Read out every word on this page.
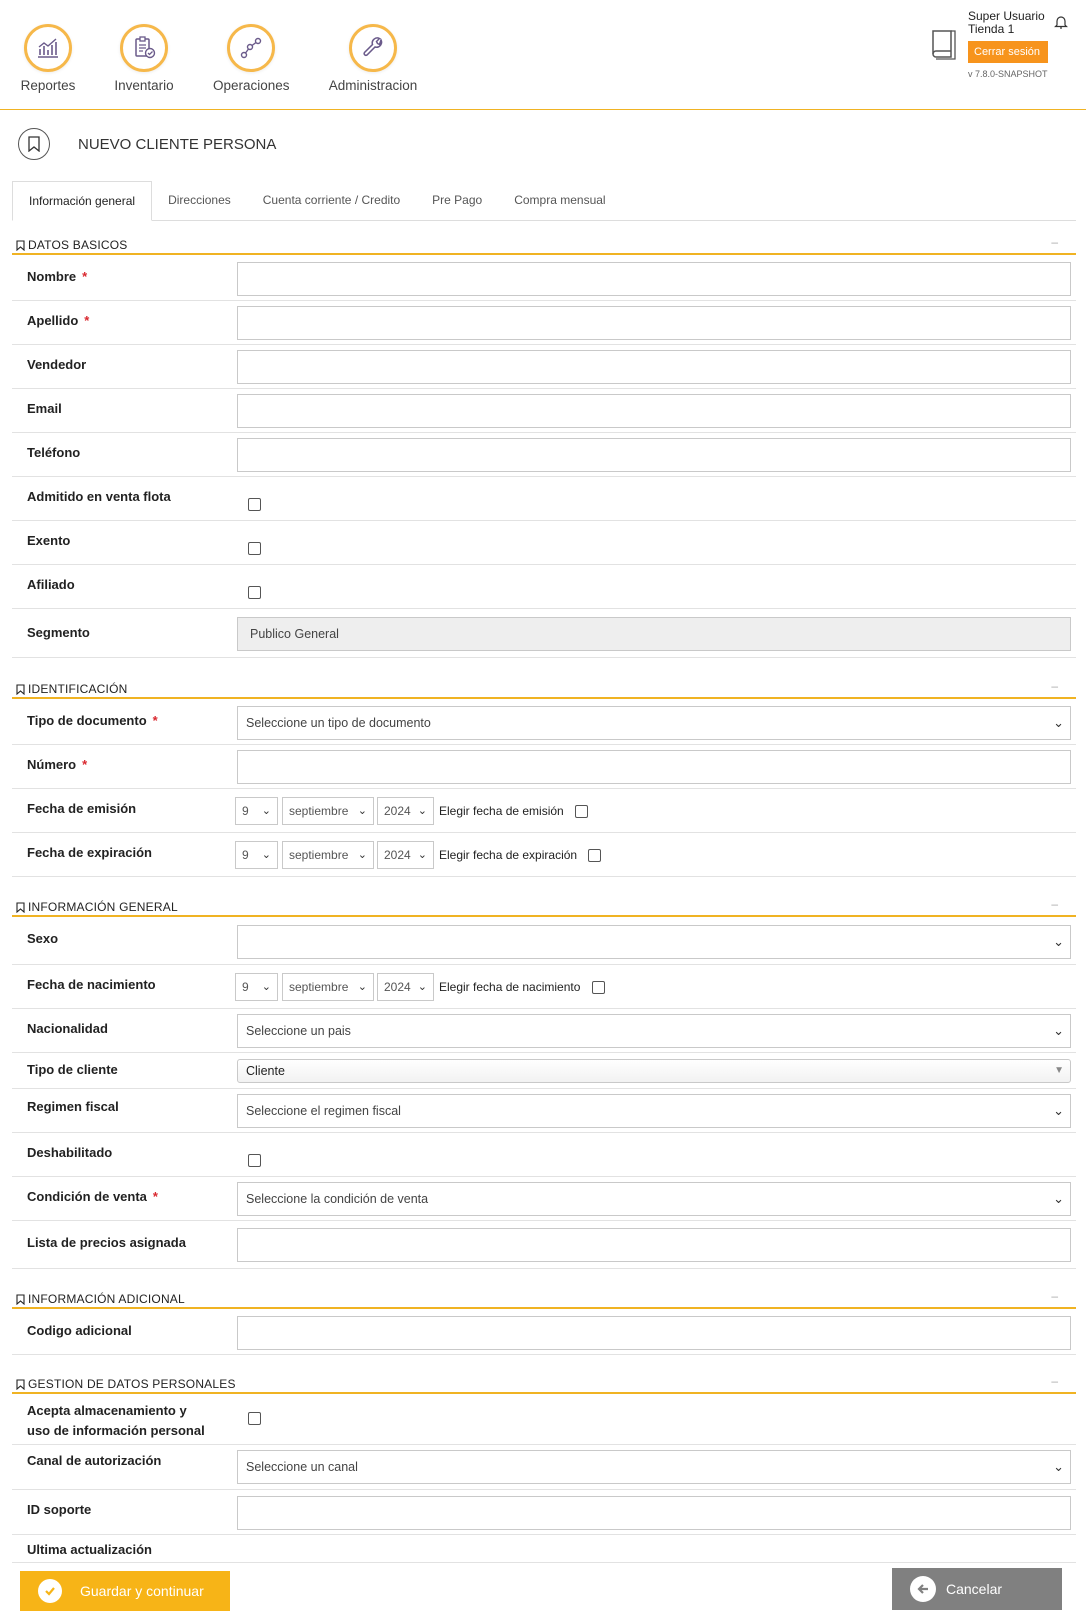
Reportes	Inventario	Operaciones	Administracion
Super Usuario
Tienda 1
Cerrar sesión
v 7.8.0-SNAPSHOT
NUEVO CLIENTE PERSONA
Información general	Direcciones	Cuenta corriente / Credito	Pre Pago	Compra mensual
DATOS BASICOS	–
Nombre *
Apellido *
Vendedor
Email
Teléfono
Admitido en venta flota
Exento
Afiliado
Segmento	Publico General
IDENTIFICACIÓN	–
Tipo de documento *	Seleccione un tipo de documento	⌄
Número *
Fecha de emisión	9 ⌄	septiembre ⌄	2024 ⌄ Elegir fecha de emisión
Fecha de expiración	9 ⌄	septiembre ⌄	2024 ⌄ Elegir fecha de expiración
INFORMACIÓN GENERAL	–
Sexo	⌄
Fecha de nacimiento	9 ⌄	septiembre ⌄	2024 ⌄ Elegir fecha de nacimiento
Nacionalidad	Seleccione un pais	⌄
Tipo de cliente	Cliente	▼
Regimen fiscal	Seleccione el regimen fiscal	⌄
Deshabilitado
Condición de venta *	Seleccione la condición de venta	⌄
Lista de precios asignada
INFORMACIÓN ADICIONAL	–
Codigo adicional
GESTION DE DATOS PERSONALES	–
Acepta almacenamiento y
uso de información personal
Canal de autorización	Seleccione un canal	⌄
ID soporte
Ultima actualización
Guardar y continuar	Cancelar
